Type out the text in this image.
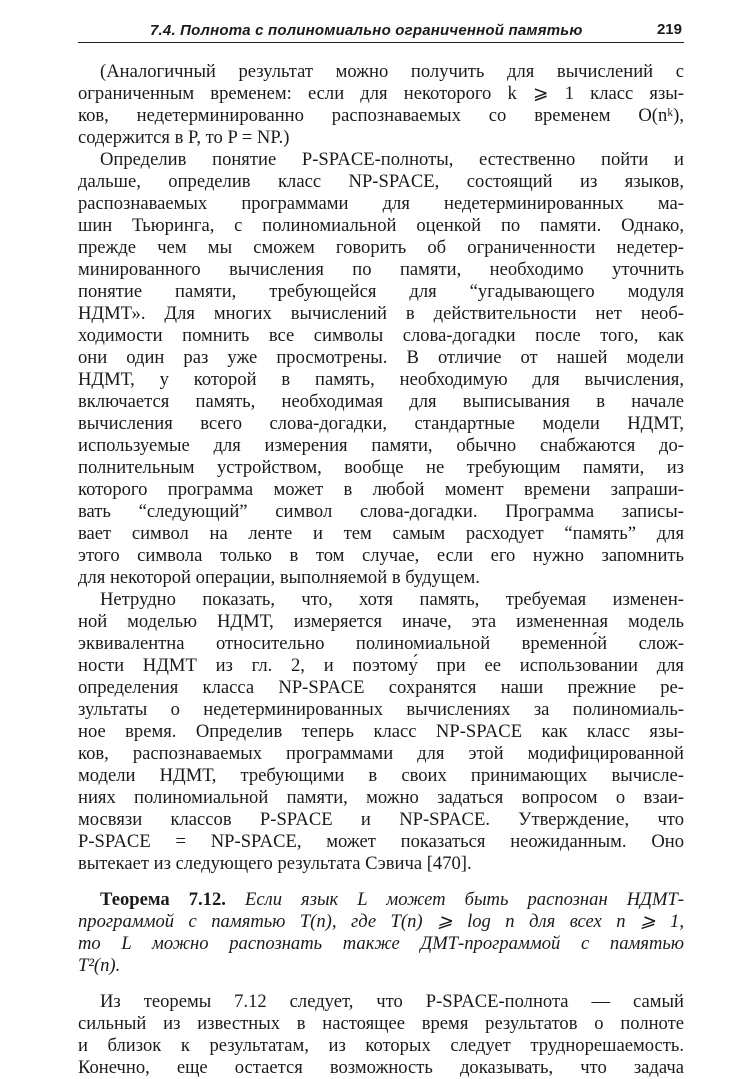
7.4. Полнота с полиномиально ограниченной памятью	219
(Аналогичный результат можно получить для вычислений с
ограниченным временем: если для некоторого k ⩾ 1 класс язы-
ков, недетерминированно распознаваемых со временем O(nᵏ),
содержится в P, то P = NP.)
Определив понятие P-SPACE-полноты, естественно пойти и
дальше, определив класс NP-SPACE, состоящий из языков,
распознаваемых программами для недетерминированных ма-
шин Тьюринга, с полиномиальной оценкой по памяти. Однако,
прежде чем мы сможем говорить об ограниченности недетер-
минированного вычисления по памяти, необходимо уточнить
понятие памяти, требующейся для “угадывающего модуля
НДМТ». Для многих вычислений в действительности нет необ-
ходимости помнить все символы слова-догадки после того, как
они один раз уже просмотрены. В отличие от нашей модели
НДМТ, у которой в память, необходимую для вычисления,
включается память, необходимая для выписывания в начале
вычисления всего слова-догадки, стандартные модели НДМТ,
используемые для измерения памяти, обычно снабжаются до-
полнительным устройством, вообще не требующим памяти, из
которого программа может в любой момент времени запраши-
вать “следующий” символ слова-догадки. Программа записы-
вает символ на ленте и тем самым расходует “память” для
этого символа только в том случае, если его нужно запомнить
для некоторой операции, выполняемой в будущем.
Нетрудно показать, что, хотя память, требуемая изменен-
ной моделью НДМТ, измеряется иначе, эта измененная модель
эквивалентна относительно полиномиальной временно́й слож-
ности НДМТ из гл. 2, и поэтому́ при ее использовании для
определения класса NP-SPACE сохранятся наши прежние ре-
зультаты о недетерминированных вычислениях за полиномиаль-
ное время. Определив теперь класс NP-SPACE как класс язы-
ков, распознаваемых программами для этой модифицированной
модели НДМТ, требующими в своих принимающих вычисле-
ниях полиномиальной памяти, можно задаться вопросом о взаи-
мосвязи классов P-SPACE и NP-SPACE. Утверждение, что
P-SPACE = NP-SPACE, может показаться неожиданным. Оно
вытекает из следующего результата Сэвича [470].
Теорема 7.12. Если язык L может быть распознан НДМТ-
программой с памятью T(n), где T(n) ⩾ log n для всех n ⩾ 1,
то L можно распознать также ДМТ-программой с памятью
T²(n).
Из теоремы 7.12 следует, что P-SPACE-полнота — самый
сильный из известных в настоящее время результатов о полноте
и близок к результатам, из которых следует труднорешаемость.
Конечно, еще остается возможность доказывать, что задача
